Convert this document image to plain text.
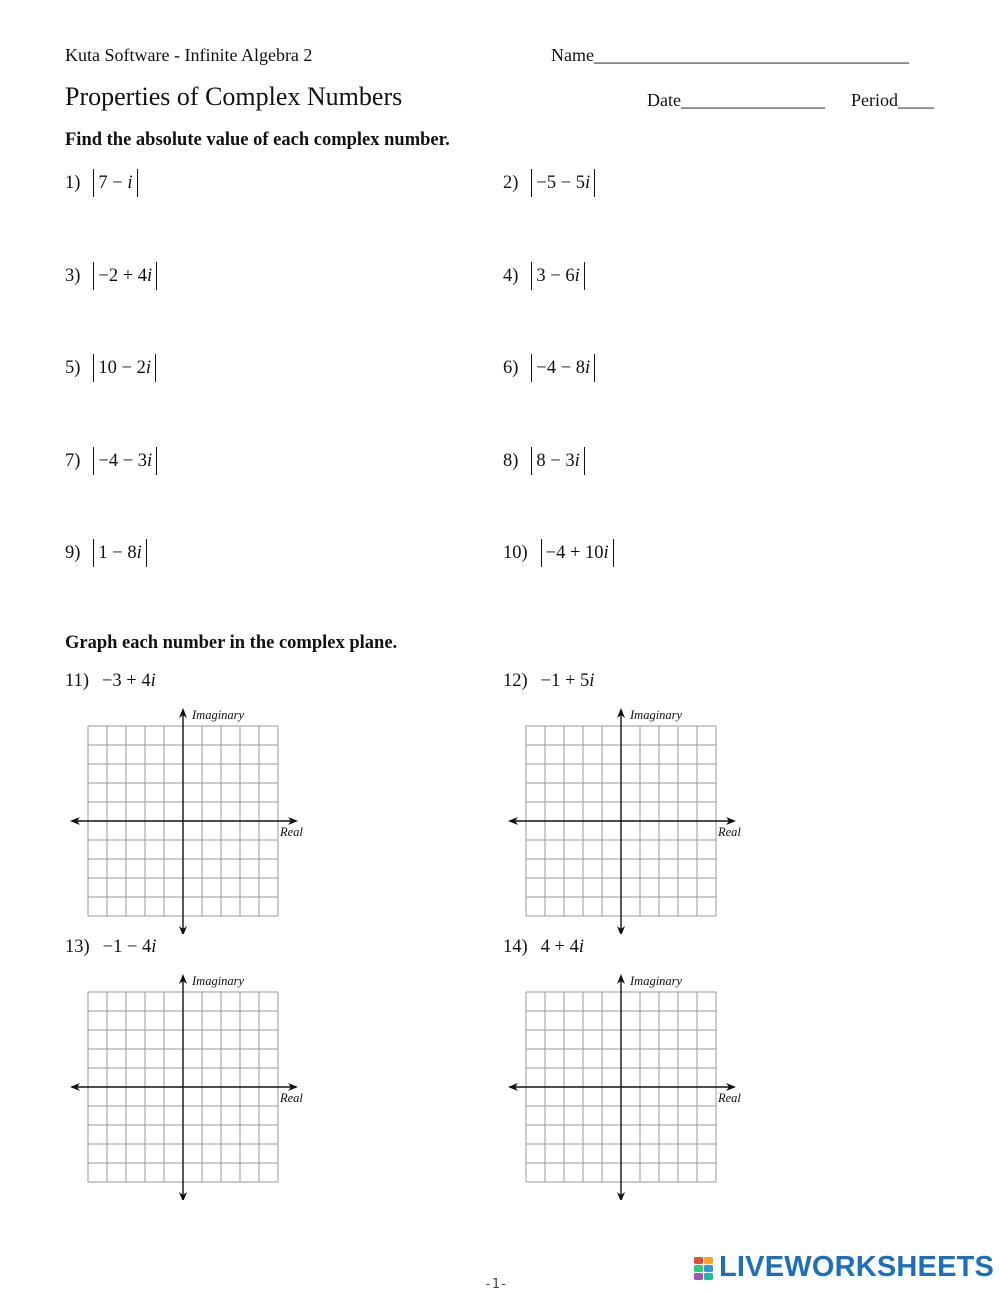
Kuta Software - Infinite Algebra 2	Name___________________________________
Properties of Complex Numbers	Date________________ Period____
Find the absolute value of each complex number.
1) 7 − i	2) −5 − 5i
3) −2 + 4i	4) 3 − 6i
5) 10 − 2i	6) −4 − 8i
7) −4 − 3i	8) 8 − 3i
9) 1 − 8i	10) −4 + 10i
Graph each number in the complex plane.
11) −3 + 4i	12) −1 + 5i
13) −1 − 4i	14) 4 + 4i
Imaginary
Real
Imaginary
Real
Imaginary
Real
Imaginary
Real
-1-
LIVEWORKSHEETS
